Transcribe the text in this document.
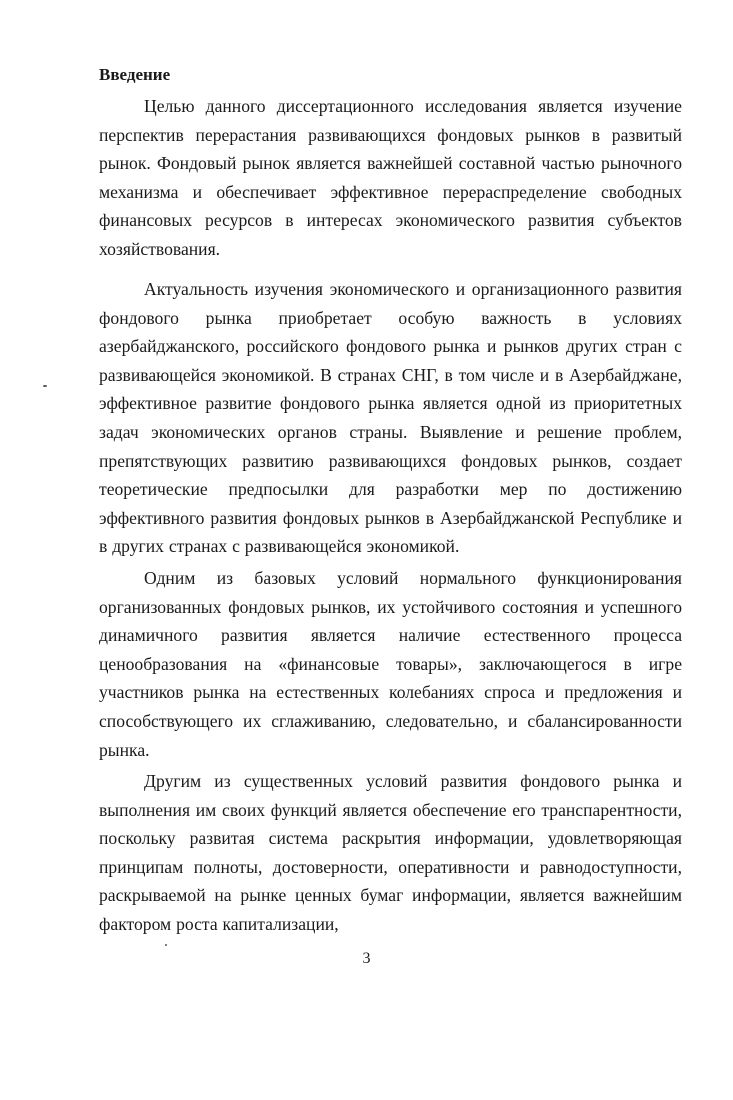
Введение

Целью данного диссертационного исследования является изучение перспектив перерастания развивающихся фондовых рынков в развитый рынок. Фондовый рынок является важнейшей составной частью рыночного механизма и обеспечивает эффективное перераспределение свободных финансовых ресурсов в интересах экономического развития субъектов хозяйствования.

Актуальность изучения экономического и организационного развития фондового рынка приобретает особую важность в условиях азербайджанского, российского фондового рынка и рынков других стран с развивающейся экономикой. В странах СНГ, в том числе и в Азербайджане, эффективное развитие фондового рынка является одной из приоритетных задач экономических органов страны. Выявление и решение проблем, препятствующих развитию развивающихся фондовых рынков, создает теоретические предпосылки для разработки мер по достижению эффективного развития фондовых рынков в Азербайджанской Республике и в других странах с развивающейся экономикой.

Одним из базовых условий нормального функционирования организованных фондовых рынков, их устойчивого состояния и успешного динамичного развития является наличие естественного процесса ценообразования на «финансовые товары», заключающегося в игре участников рынка на естественных колебаниях спроса и предложения и способствующего их сглаживанию, следовательно, и сбалансированности рынка.

Другим из существенных условий развития фондового рынка и выполнения им своих функций является обеспечение его транспарентности, поскольку развитая система раскрытия информации, удовлетворяющая принципам полноты, достоверности, оперативности и равнодоступности, раскрываемой на рынке ценных бумаг информации, является важнейшим фактором роста капитализации,

3
